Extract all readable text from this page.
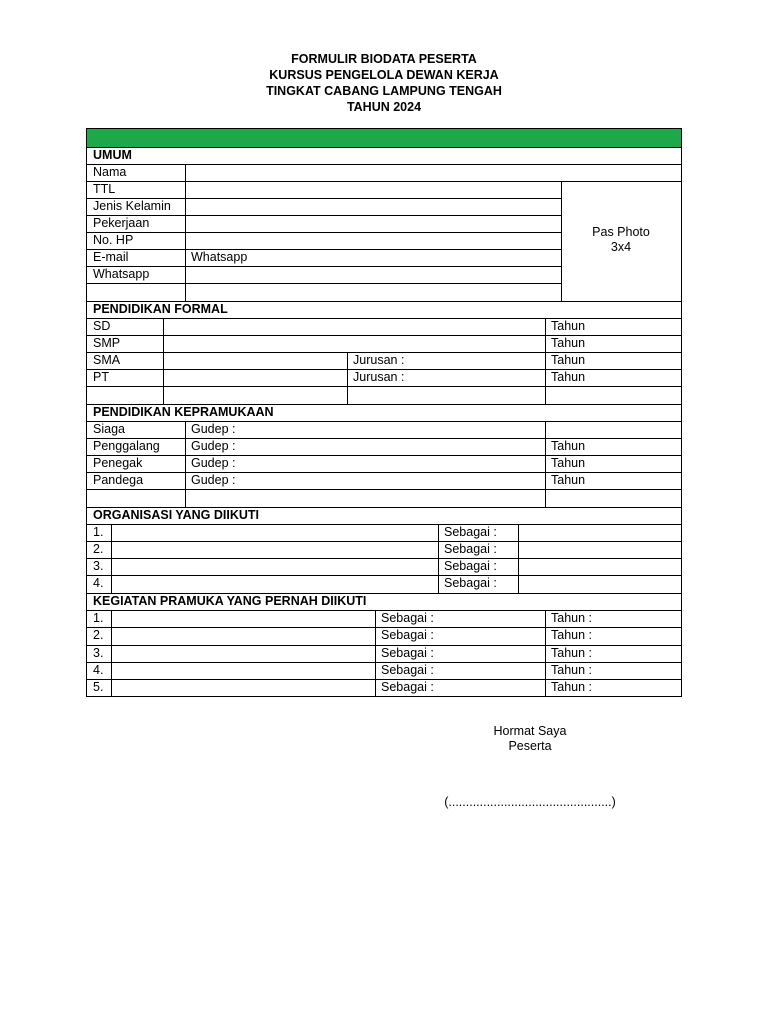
FORMULIR BIODATA PESERTA
KURSUS PENGELOLA DEWAN KERJA
TINGKAT CABANG LAMPUNG TENGAH
TAHUN 2024
UMUM
Nama
TTL
Jenis Kelamin
Pekerjaan
No. HP
E-mail	Whatsapp
Whatsapp
Pas Photo
3x4
PENDIDIKAN FORMAL
SD	Tahun
SMP	Tahun
SMA	Jurusan :	Tahun
PT	Jurusan :	Tahun
PENDIDIKAN KEPRAMUKAAN
Siaga	Gudep :
Penggalang	Gudep :	Tahun
Penegak	Gudep :	Tahun
Pandega	Gudep :	Tahun
ORGANISASI YANG DIIKUTI
1.	Sebagai :
2.	Sebagai :
3.	Sebagai :
4.	Sebagai :
KEGIATAN PRAMUKA YANG PERNAH DIIKUTI
1.	Sebagai :	Tahun :
2.	Sebagai :	Tahun :
3.	Sebagai :	Tahun :
4.	Sebagai :	Tahun :
5.	Sebagai :	Tahun :
Hormat Saya
Peserta
(...............................................)
